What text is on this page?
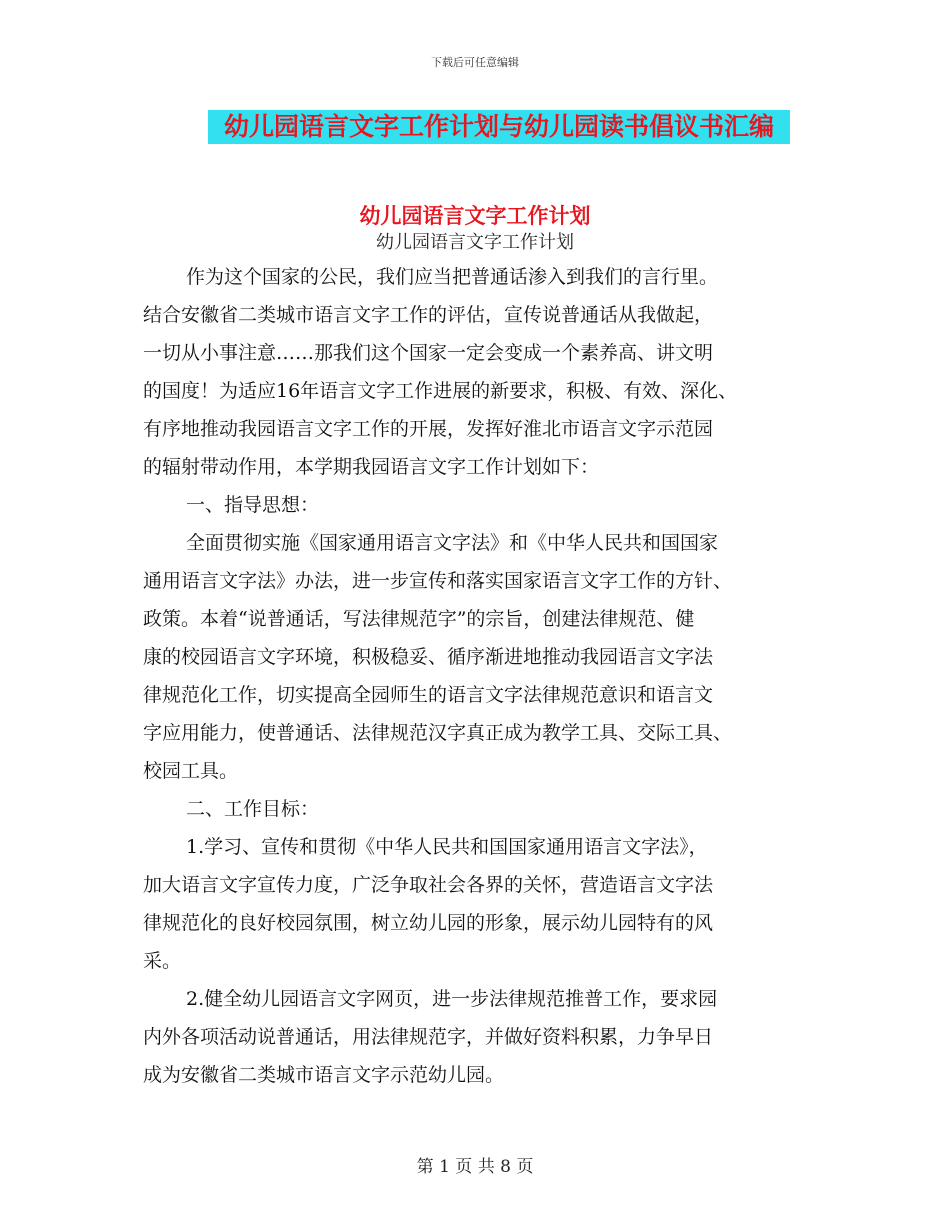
下载后可任意编辑
幼儿园语言文字工作计划与幼儿园读书倡议书汇编
幼儿园语言文字工作计划
幼儿园语言文字工作计划
作为这个国家的公民，我们应当把普通话渗入到我们的言行里。
结合安徽省二类城市语言文字工作的评估，宣传说普通话从我做起，
一切从小事注意……那我们这个国家一定会变成一个素养高、讲文明
的国度！为适应16年语言文字工作进展的新要求，积极、有效、深化、
有序地推动我园语言文字工作的开展，发挥好淮北市语言文字示范园
的辐射带动作用，本学期我园语言文字工作计划如下：
一、指导思想：
全面贯彻实施《国家通用语言文字法》和《中华人民共和国国家
通用语言文字法》办法，进一步宣传和落实国家语言文字工作的方针、
政策。本着“说普通话，写法律规范字”的宗旨，创建法律规范、健
康的校园语言文字环境，积极稳妥、循序渐进地推动我园语言文字法
律规范化工作，切实提高全园师生的语言文字法律规范意识和语言文
字应用能力，使普通话、法律规范汉字真正成为教学工具、交际工具、
校园工具。
二、工作目标：
1.学习、宣传和贯彻《中华人民共和国国家通用语言文字法》，
加大语言文字宣传力度，广泛争取社会各界的关怀，营造语言文字法
律规范化的良好校园氛围，树立幼儿园的形象，展示幼儿园特有的风
采。
2.健全幼儿园语言文字网页，进一步法律规范推普工作，要求园
内外各项活动说普通话，用法律规范字，并做好资料积累，力争早日
成为安徽省二类城市语言文字示范幼儿园。
第 1 页 共 8 页
